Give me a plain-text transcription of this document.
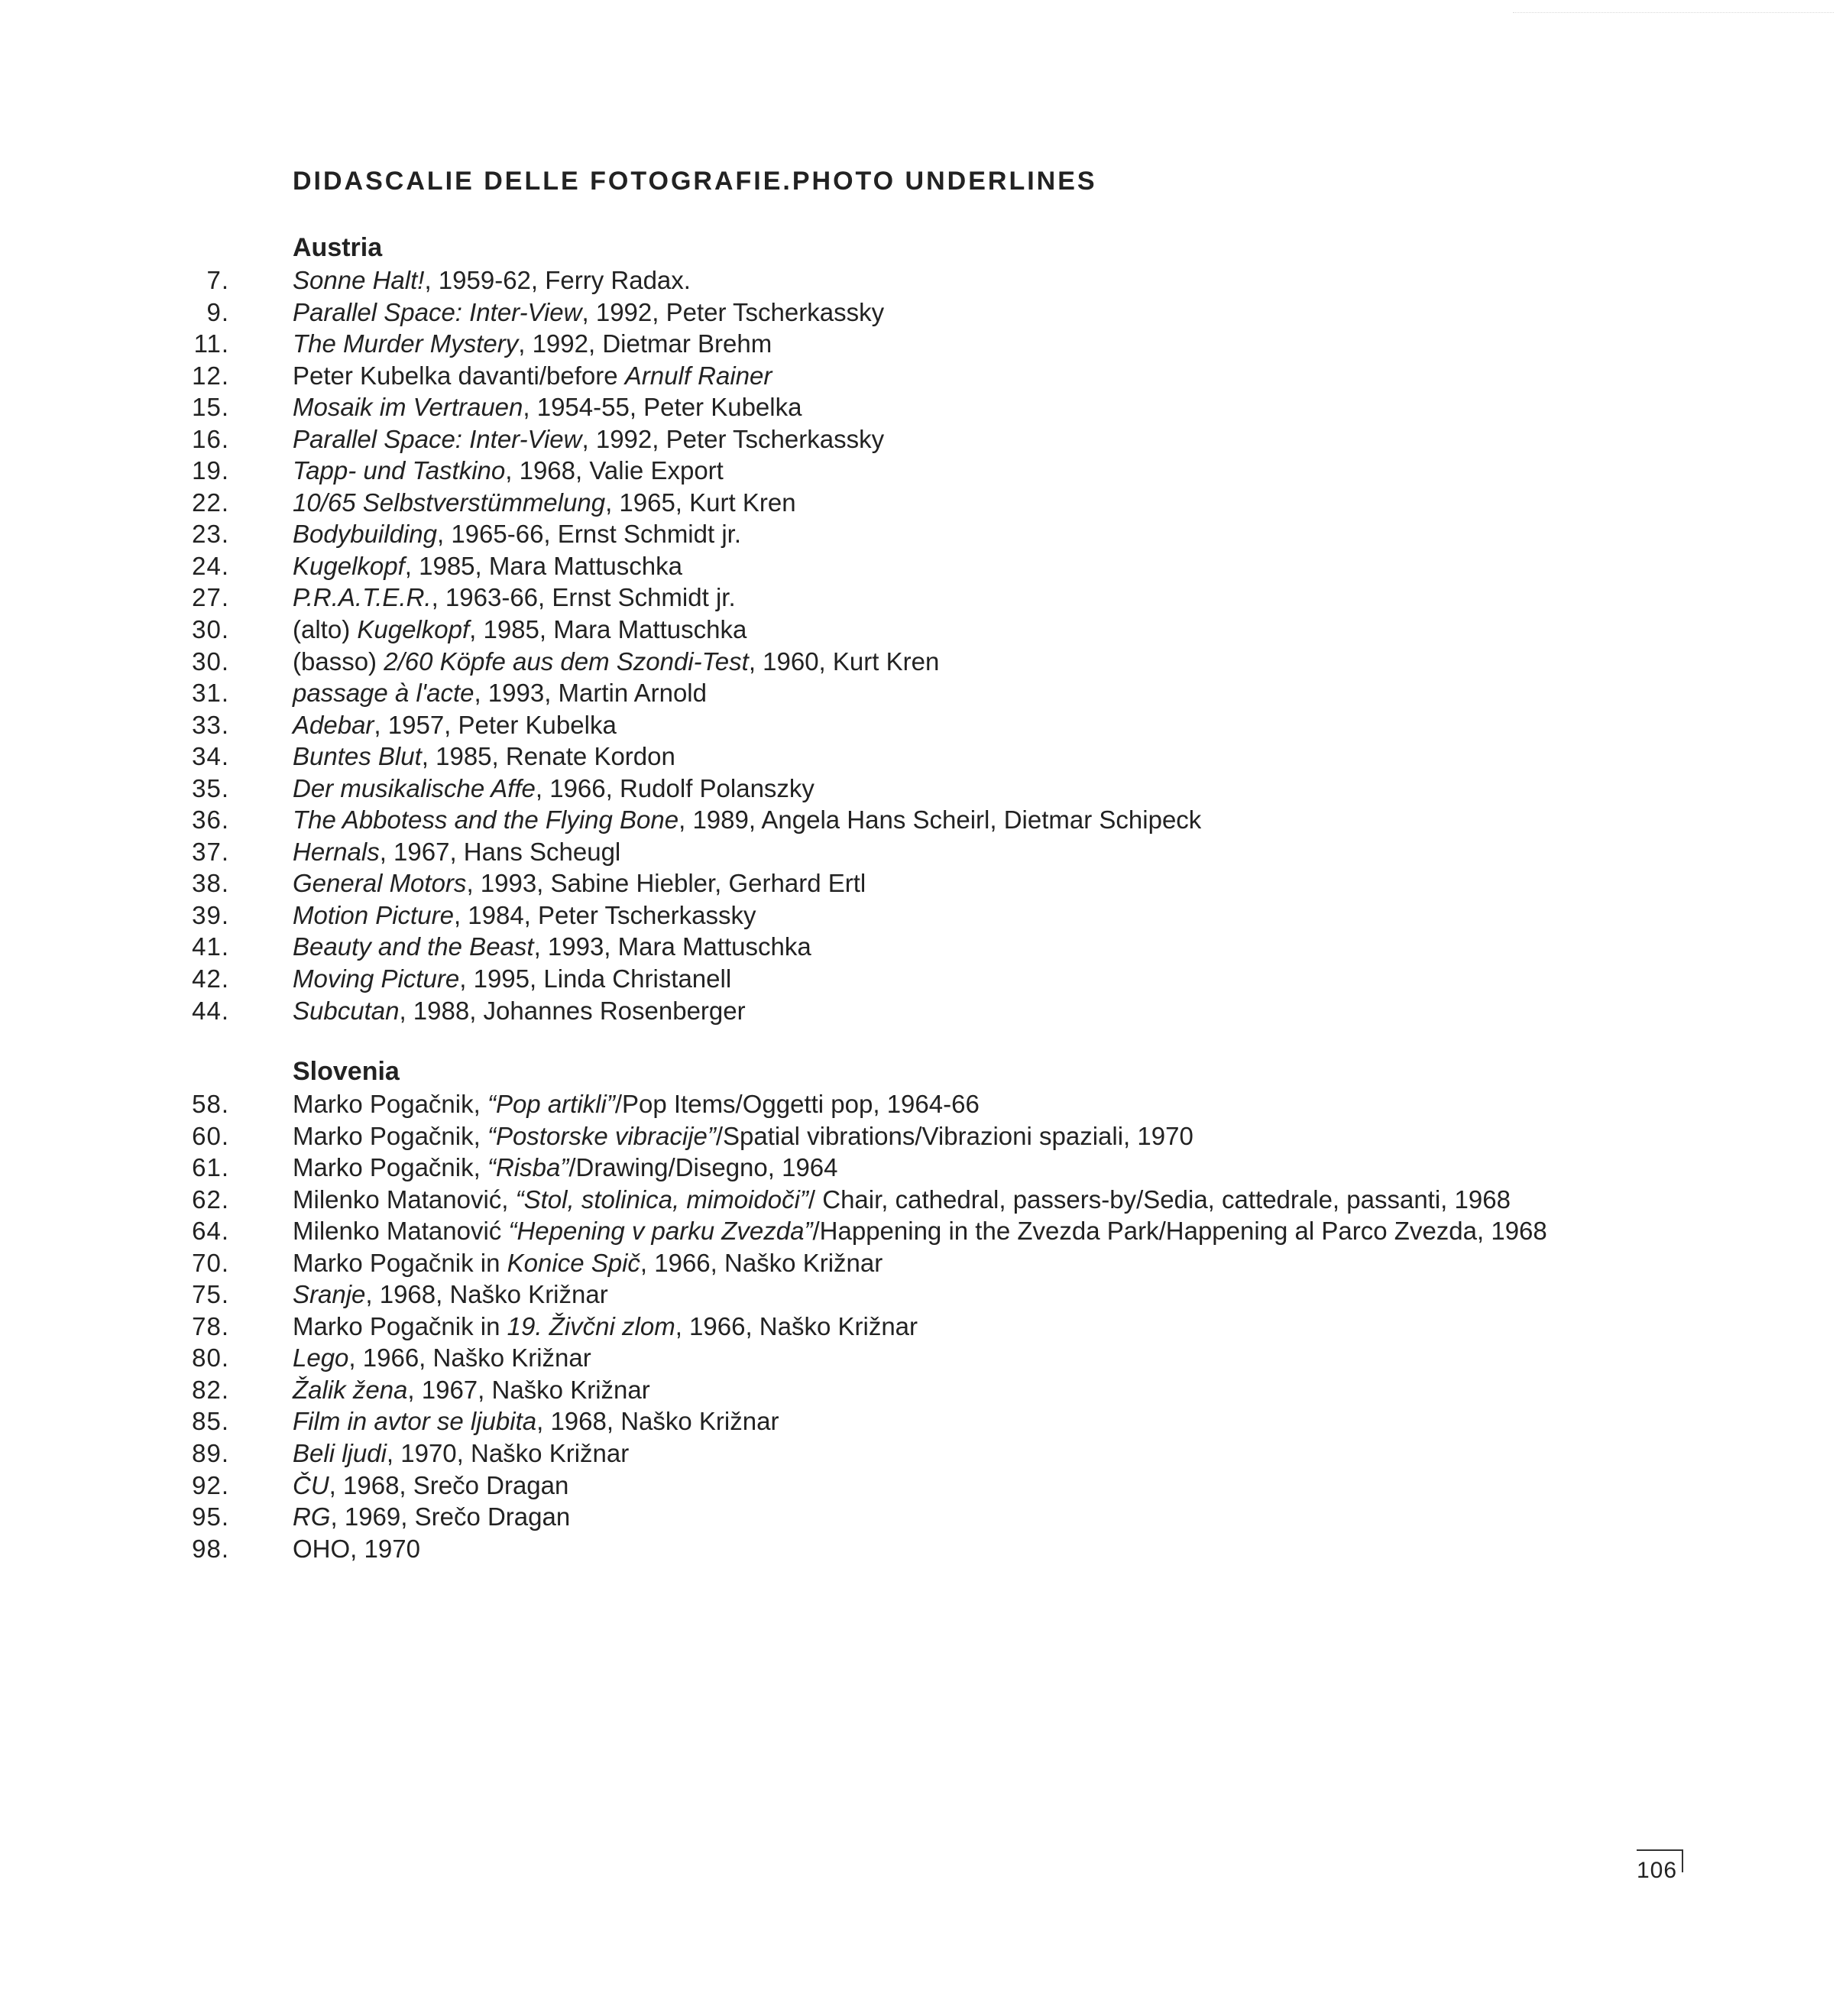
DIDASCALIE DELLE FOTOGRAFIE.PHOTO UNDERLINES
Austria
7.	Sonne Halt!, 1959-62, Ferry Radax.
9.	Parallel Space: Inter-View, 1992, Peter Tscherkassky
11.	The Murder Mystery, 1992, Dietmar Brehm
12.	Peter Kubelka davanti/before Arnulf Rainer
15.	Mosaik im Vertrauen, 1954-55, Peter Kubelka
16.	Parallel Space: Inter-View, 1992, Peter Tscherkassky
19.	Tapp- und Tastkino, 1968, Valie Export
22.	10/65 Selbstverstümmelung, 1965, Kurt Kren
23.	Bodybuilding, 1965-66, Ernst Schmidt jr.
24.	Kugelkopf, 1985, Mara Mattuschka
27.	P.R.A.T.E.R., 1963-66, Ernst Schmidt jr.
30.	(alto) Kugelkopf, 1985, Mara Mattuschka
30.	(basso) 2/60 Köpfe aus dem Szondi-Test, 1960, Kurt Kren
31.	passage à l'acte, 1993, Martin Arnold
33.	Adebar, 1957, Peter Kubelka
34.	Buntes Blut, 1985, Renate Kordon
35.	Der musikalische Affe, 1966, Rudolf Polanszky
36.	The Abbotess and the Flying Bone, 1989, Angela Hans Scheirl, Dietmar Schipeck
37.	Hernals, 1967, Hans Scheugl
38.	General Motors, 1993, Sabine Hiebler, Gerhard Ertl
39.	Motion Picture, 1984, Peter Tscherkassky
41.	Beauty and the Beast, 1993, Mara Mattuschka
42.	Moving Picture, 1995, Linda Christanell
44.	Subcutan, 1988, Johannes Rosenberger
Slovenia
58.	Marko Pogačnik, “Pop artikli”/Pop Items/Oggetti pop, 1964-66
60.	Marko Pogačnik, “Postorske vibracije”/Spatial vibrations/Vibrazioni spaziali, 1970
61.	Marko Pogačnik, “Risba”/Drawing/Disegno, 1964
62.	Milenko Matanović, “Stol, stolinica, mimoidoči”/ Chair, cathedral, passers-by/Sedia, cattedrale, passanti, 1968
64.	Milenko Matanović “Hepening v parku Zvezda”/Happening in the Zvezda Park/Happening al Parco Zvezda, 1968
70.	Marko Pogačnik in Konice Spič, 1966, Naško Križnar
75.	Sranje, 1968, Naško Križnar
78.	Marko Pogačnik in 19. Živčni zlom, 1966, Naško Križnar
80.	Lego, 1966, Naško Križnar
82.	Žalik žena, 1967, Naško Križnar
85.	Film in avtor se ljubita, 1968, Naško Križnar
89.	Beli ljudi, 1970, Naško Križnar
92.	ČU, 1968, Srečo Dragan
95.	RG, 1969, Srečo Dragan
98.	OHO, 1970
106
